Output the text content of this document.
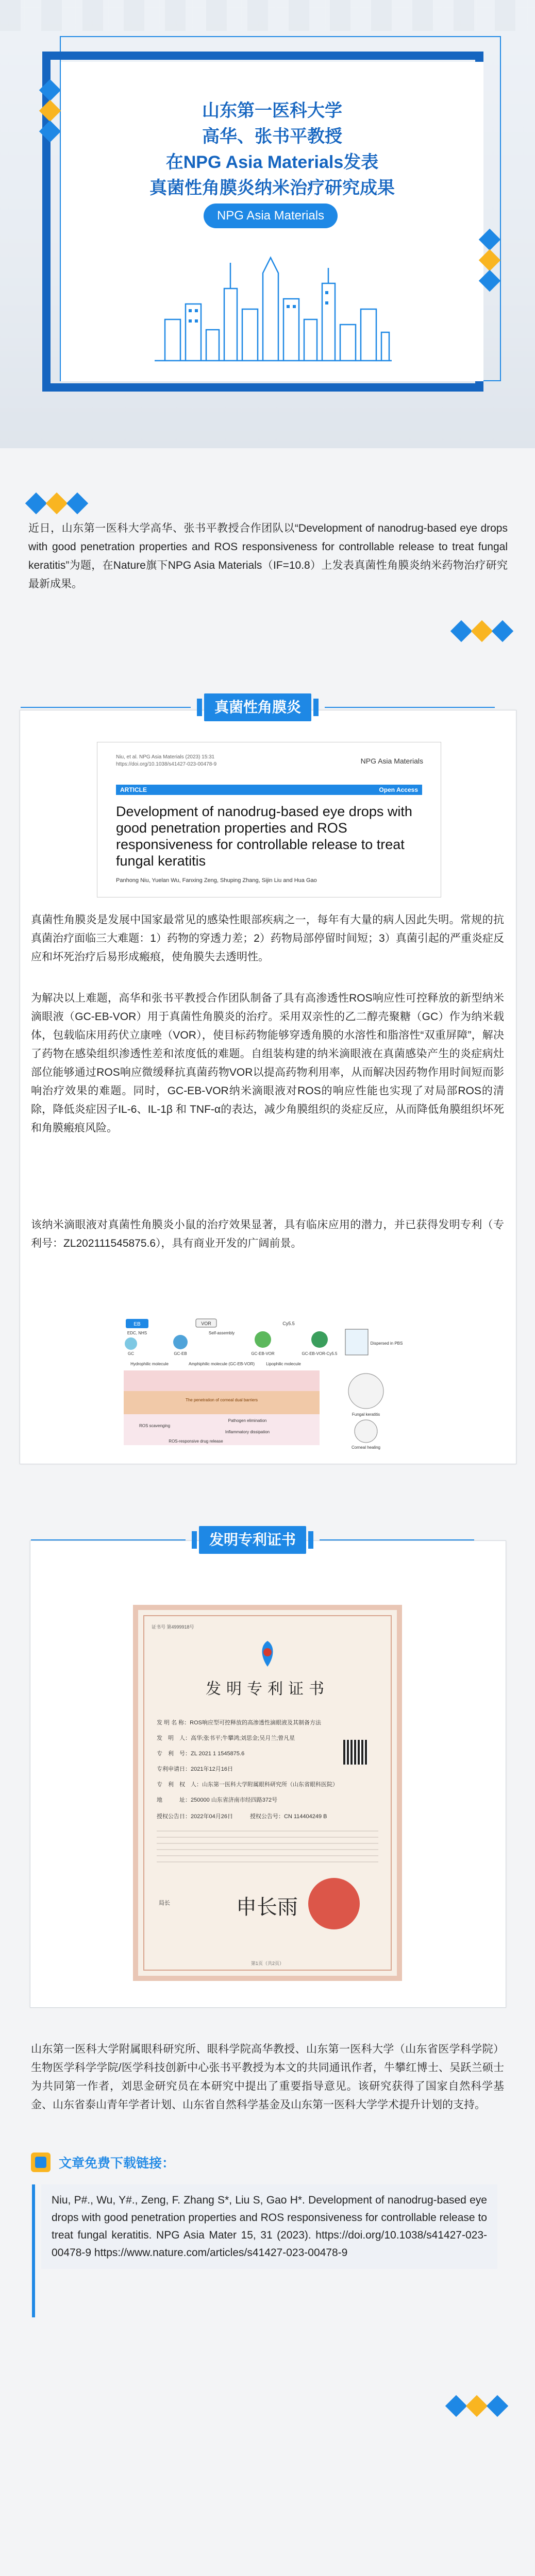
山东第一医科大学
高华、张书平教授
在NPG Asia Materials发表
真菌性角膜炎纳米治疗研究成果
NPG Asia Materials

近日，山东第一医科大学高华、张书平教授合作团队以“Development of nanodrug-based eye drops with good penetration properties and ROS responsiveness for controllable release to treat fungal keratitis”为题，在Nature旗下NPG Asia Materials（IF=10.8）上发表真菌性角膜炎纳米药物治疗研究最新成果。

真菌性角膜炎
Niu, et al. NPG Asia Materials (2023) 15:31
https://doi.org/10.1038/s41427-023-00478-9	NPG Asia Materials
ARTICLE	Open Access
Development of nanodrug-based eye drops with good penetration properties and ROS responsiveness for controllable release to treat fungal keratitis
Panhong Niu, Yuelan Wu, Fanxing Zeng, Shuping Zhang, Sijin Liu and Hua Gao

真菌性角膜炎是发展中国家最常见的感染性眼部疾病之一，每年有大量的病人因此失明。常规的抗真菌治疗面临三大难题：1）药物的穿透力差；2）药物局部停留时间短；3）真菌引起的严重炎症反应和坏死治疗后易形成瘢痕，使角膜失去透明性。

为解决以上难题，高华和张书平教授合作团队制备了具有高渗透性ROS响应性可控释放的新型纳米滴眼液（GC-EB-VOR）用于真菌性角膜炎的治疗。采用双亲性的乙二醇壳聚糖（GC）作为纳米载体，包载临床用药伏立康唑（VOR），使目标药物能够穿透角膜的水溶性和脂溶性“双重屏障”，解决了药物在感染组织渗透性差和浓度低的难题。自组装构建的纳米滴眼液在真菌感染产生的炎症病灶部位能够通过ROS响应微缓释抗真菌药物VOR以提高药物利用率，从而解决因药物作用时间短而影响治疗效果的难题。同时，GC-EB-VOR纳米滴眼液对ROS的响应性能也实现了对局部ROS的清除，降低炎症因子IL-6、IL-1β 和 TNF-α的表达，减少角膜组织的炎症反应，从而降低角膜组织坏死和角膜瘢痕风险。

该纳米滴眼液对真菌性角膜炎小鼠的治疗效果显著，具有临床应用的潜力，并已获得发明专利（专利号：ZL202111545875.6），具有商业开发的广阔前景。

EB
EDC, NHS
GC	GC-EB
VOR
Self-assembly
GC-EB-VOR
Cy5.5
GC-EB-VOR-Cy5.5
Dispersed in PBS
Hydrophilic molecule	Amphiphilic molecule (GC-EB-VOR)	Lipophilic molecule
The penetration of corneal dual barriers
ROS scavenging
Pathogen elimination
Inflammatory dissipation
ROS-responsive drug release
Fungal keratitis
Corneal healing
发明专利证书
证书号 第4999918号
发明专利证书
发 明 名 称：ROS响应型可控释放的高渗透性滴眼液及其制备方法
发　明　人：高华;张书平;牛攀鸿;刘思金;吴月兰;曾凡星
专　利　号：ZL 2021 1 1545875.6
专利申请日：2021年12月16日
专　利　权　人：山东第一医科大学附属眼科研究所（山东省眼科医院）
地　　　址：250000 山东省济南市经四路372号
授权公告日：2022年04月26日　　　授权公告号：CN 114404249 B
局长	申长雨
第1页（共2页）

山东第一医科大学附属眼科研究所、眼科学院高华教授、山东第一医科大学（山东省医学科学院）生物医学科学学院/医学科技创新中心张书平教授为本文的共同通讯作者，牛攀红博士、吴跃兰硕士为共同第一作者，刘思金研究员在本研究中提出了重要指导意见。该研究获得了国家自然科学基金、山东省泰山青年学者计划、山东省自然科学基金及山东第一医科大学学术提升计划的支持。

文章免费下载链接：
Niu, P#., Wu, Y#., Zeng, F. Zhang S*, Liu S, Gao H*. Development of nanodrug-based eye drops with good penetration properties and ROS responsiveness for controllable release to treat fungal keratitis. NPG Asia Mater 15, 31 (2023). https://doi.org/10.1038/s41427-023-00478-9 https://www.nature.com/articles/s41427-023-00478-9
